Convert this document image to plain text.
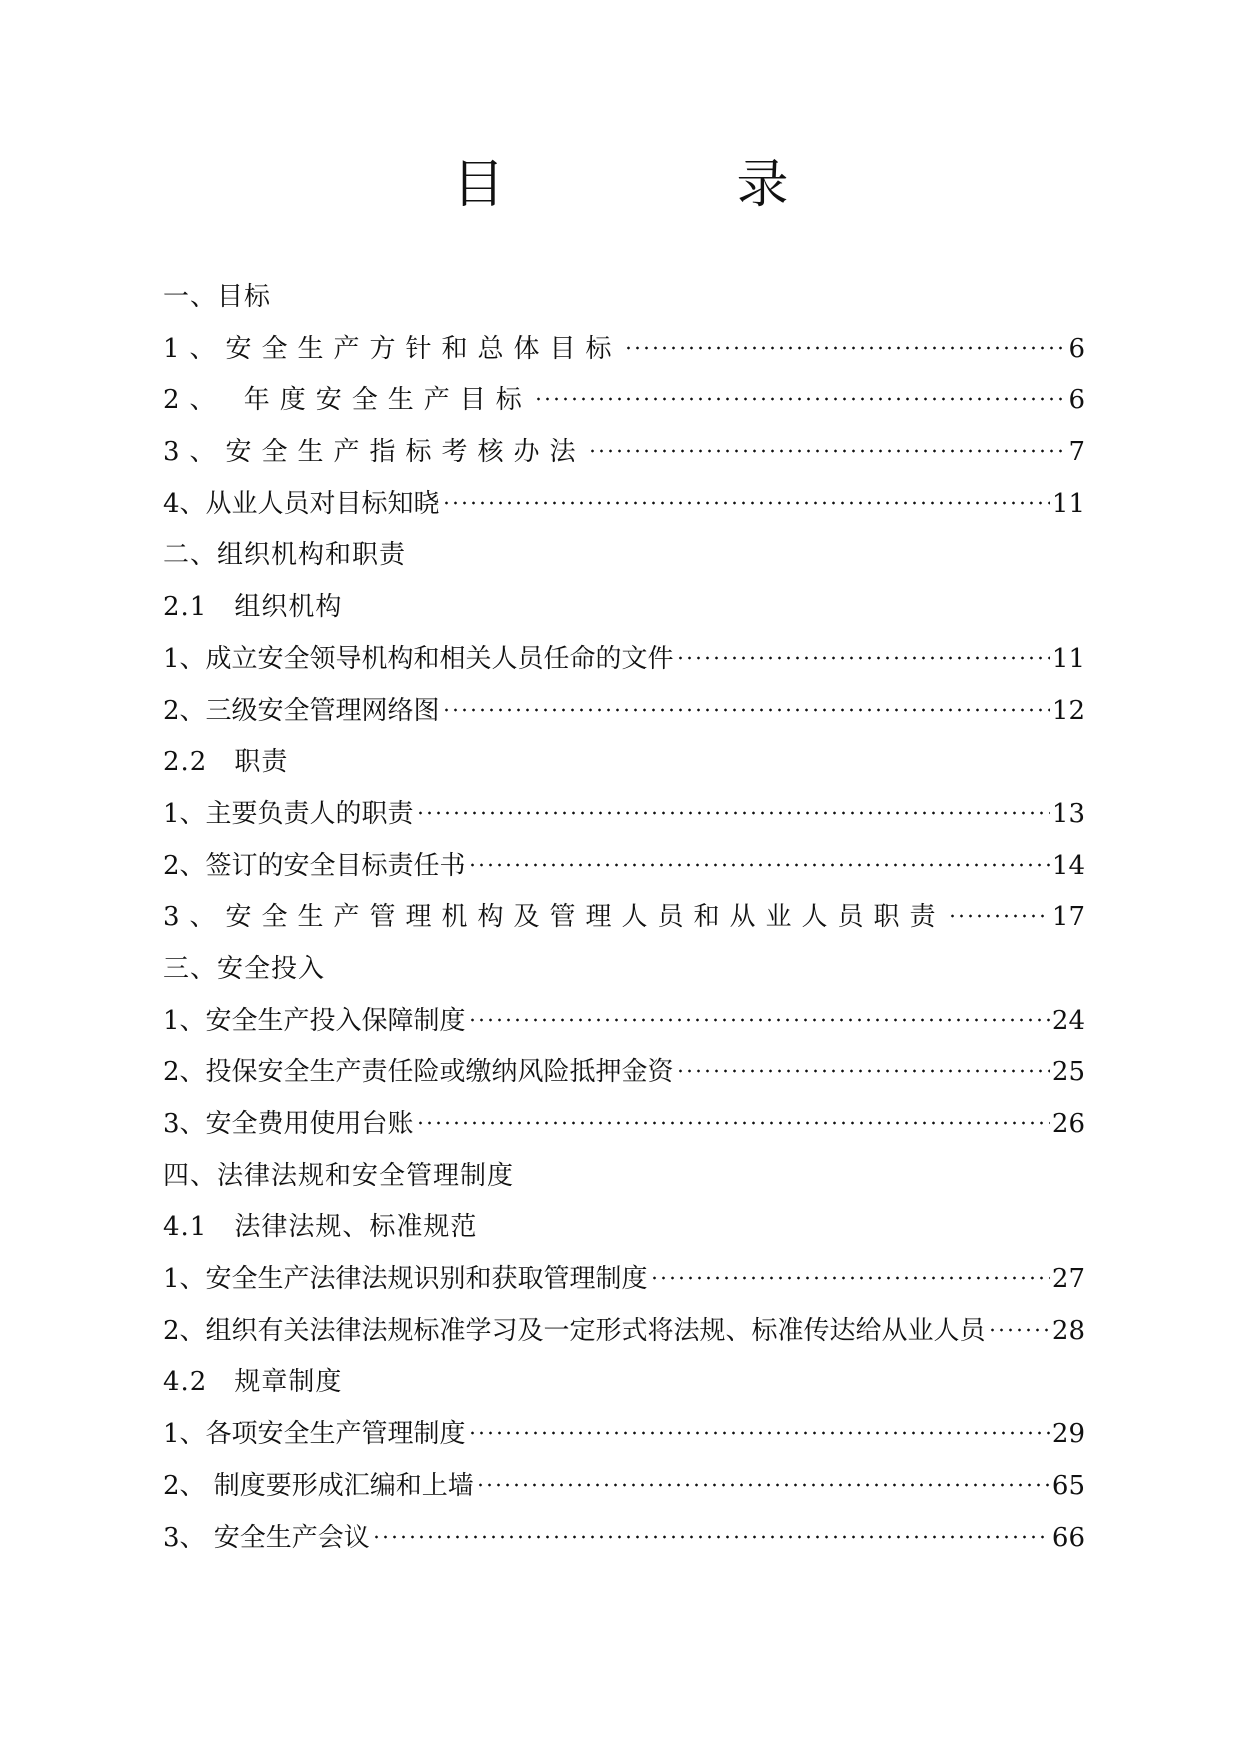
目　录
一、目标
1、安全生产方针和总体目标	6
2、 年度安全生产目标	6
3、安全生产指标考核办法	7
4、从业人员对目标知晓	11
二、组织机构和职责
2.1　组织机构
1、成立安全领导机构和相关人员任命的文件	11
2、三级安全管理网络图	12
2.2　职责
1、主要负责人的职责	13
2、签订的安全目标责任书	14
3、安全生产管理机构及管理人员和从业人员职责	17
三、安全投入
1、安全生产投入保障制度	24
2、投保安全生产责任险或缴纳风险抵押金资	25
3、安全费用使用台账	26
四、法律法规和安全管理制度
4.1　法律法规、标准规范
1、安全生产法律法规识别和获取管理制度	27
2、组织有关法律法规标准学习及一定形式将法规、标准传达给从业人员	28
4.2　规章制度
1、各项安全生产管理制度	29
2、 制度要形成汇编和上墙	65
3、 安全生产会议	66
